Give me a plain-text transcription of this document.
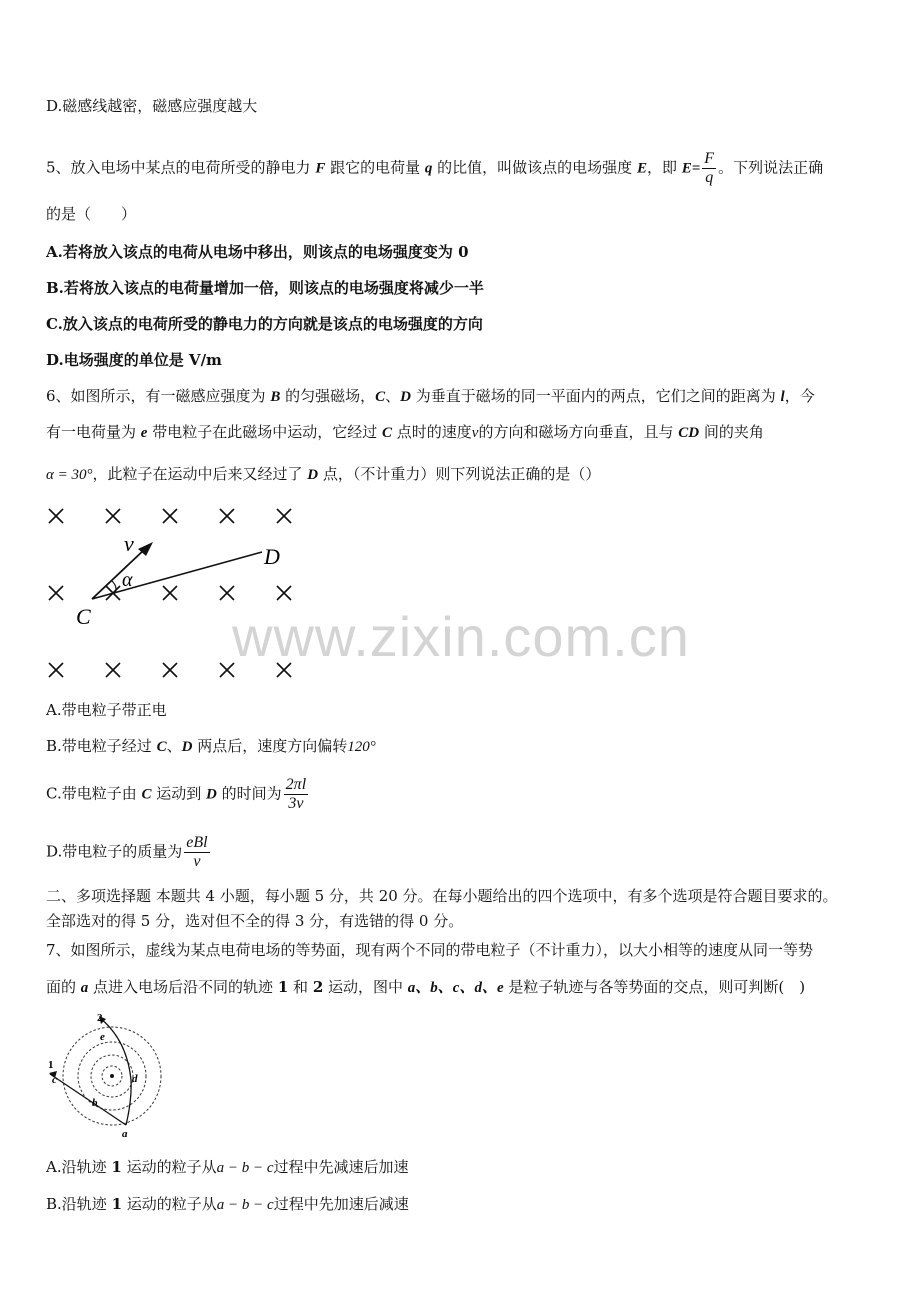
www.zixin.com.cn
D.磁感线越密，磁感应强度越大
5、放入电场中某点的电荷所受的静电力 F 跟它的电荷量 q 的比值，叫做该点的电场强度 E，即 $E= \frac{F}{q}$ 。下列说法正确
的是（　　）
A.若将放入该点的电荷从电场中移出，则该点的电场强度变为 0
B.若将放入该点的电荷量增加一倍，则该点的电场强度将减少一半
C.放入该点的电荷所受的静电力的方向就是该点的电场强度的方向
D.电场强度的单位是 V/m
6、如图所示，有一磁感应强度为 B 的匀强磁场，C、D 为垂直于磁场的同一平面内的两点，它们之间的距离为 l，今
有一电荷量为 e 带电粒子在此磁场中运动，它经过 C 点时的速度v的方向和磁场方向垂直，且与 CD 间的夹角
α = 30°，此粒子在运动中后来又经过了 D 点，（不计重力）则下列说法正确的是（）
v
α
C
D
A.带电粒子带正电
B.带电粒子经过 C、D 两点后，速度方向偏转120°
C.带电粒子由 C 运动到 D 的时间为 $\frac{2\pi l}{3v}$
D.带电粒子的质量为 $\frac{\text{eBl}}{v}$
二、多项选择题 本题共 4 小题，每小题 5 分，共 20 分。在每小题给出的四个选项中，有多个选项是符合题目要求的。
全部选对的得 5 分，选对但不全的得 3 分，有选错的得 0 分。
7、如图所示，虚线为某点电荷电场的等势面，现有两个不同的带电粒子（不计重力），以大小相等的速度从同一等势
面的 a 点进入电场后沿不同的轨迹 1 和 2 运动，图中 a、b、c、d、e 是粒子轨迹与各等势面的交点，则可判断(　)
1
2
a
b
c	d
e
A.沿轨迹 1 运动的粒子从a − b − c过程中先减速后加速
B.沿轨迹 1 运动的粒子从a − b − c过程中先加速后减速
